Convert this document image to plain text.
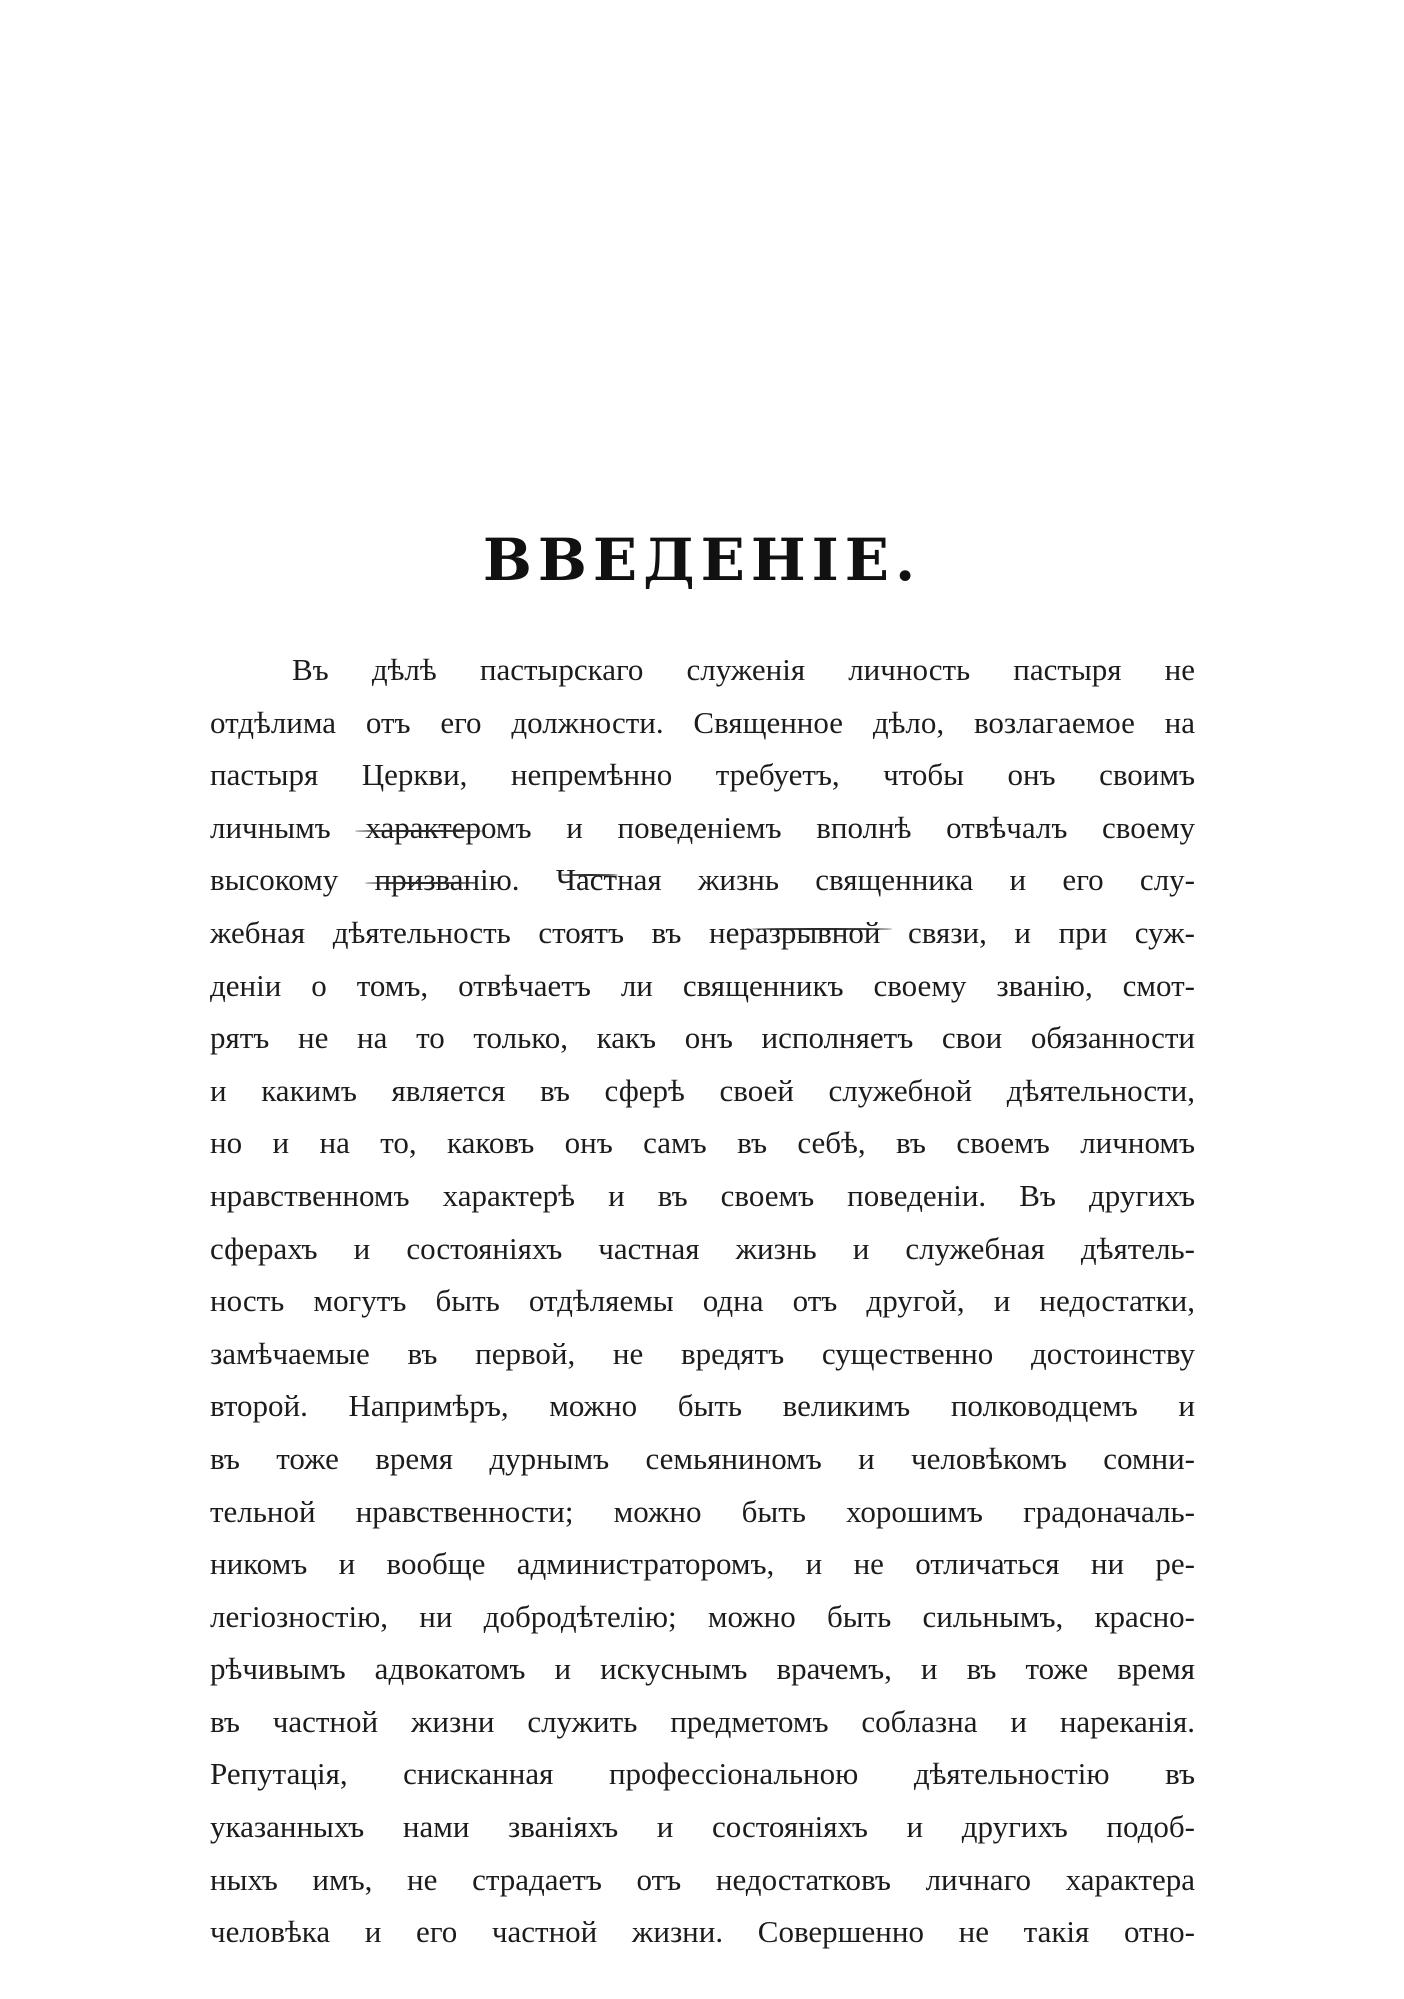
ВВЕДЕНІЕ.
Въ дѣлѣ пастырскаго служенія личность пастыря не
отдѣлима отъ его должности. Священное дѣло, возлагаемое на
пастыря Церкви, непремѣнно требуетъ, чтобы онъ своимъ
личнымъ характеромъ и поведеніемъ вполнѣ отвѣчалъ своему
высокому призванію. Частная жизнь священника и его слу-
жебная дѣятельность стоятъ въ неразрывной связи, и при суж-
деніи о томъ, отвѣчаетъ ли священникъ своему званію, смот-
рятъ не на то только, какъ онъ исполняетъ свои обязанности
и какимъ является въ сферѣ своей служебной дѣятельности,
но и на то, каковъ онъ самъ въ себѣ, въ своемъ личномъ
нравственномъ характерѣ и въ своемъ поведеніи. Въ другихъ
сферахъ и состояніяхъ частная жизнь и служебная дѣятель-
ность могутъ быть отдѣляемы одна отъ другой, и недостатки,
замѣчаемые въ первой, не вредятъ существенно достоинству
второй. Напримѣръ, можно быть великимъ полководцемъ и
въ тоже время дурнымъ семьяниномъ и человѣкомъ сомни-
тельной нравственности; можно быть хорошимъ градоначаль-
никомъ и вообще администраторомъ, и не отличаться ни ре-
легіозностію, ни добродѣтелію; можно быть сильнымъ, красно-
рѣчивымъ адвокатомъ и искуснымъ врачемъ, и въ тоже время
въ частной жизни служить предметомъ соблазна и нареканія.
Репутація, снисканная профессіональною дѣятельностію въ
указанныхъ нами званіяхъ и состояніяхъ и другихъ подоб-
ныхъ имъ, не страдаетъ отъ недостатковъ личнаго характера
человѣка и его частной жизни. Совершенно не такія отно-
